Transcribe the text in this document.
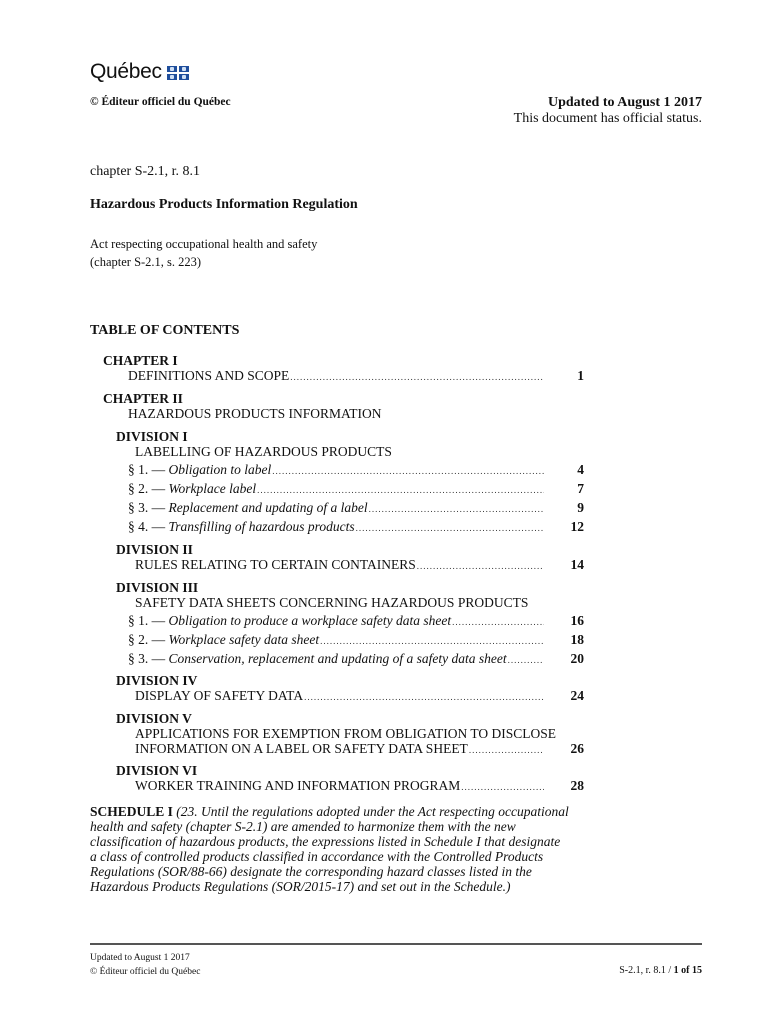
Québec
© Éditeur officiel du Québec	Updated to August 1 2017
This document has official status.
chapter S-2.1, r. 8.1
Hazardous Products Information Regulation
Act respecting occupational health and safety
(chapter S-2.1, s. 223)
TABLE OF CONTENTS
CHAPTER I
DEFINITIONS AND SCOPE .....	1
CHAPTER II
HAZARDOUS PRODUCTS INFORMATION
DIVISION I
LABELLING OF HAZARDOUS PRODUCTS
§ 1. — Obligation to label .....	4
§ 2. — Workplace label .....	7
§ 3. — Replacement and updating of a label .....	9
§ 4. — Transfilling of hazardous products .....	12
DIVISION II
RULES RELATING TO CERTAIN CONTAINERS .....	14
DIVISION III
SAFETY DATA SHEETS CONCERNING HAZARDOUS PRODUCTS
§ 1. — Obligation to produce a workplace safety data sheet .....	16
§ 2. — Workplace safety data sheet .....	18
§ 3. — Conservation, replacement and updating of a safety data sheet .....	20
DIVISION IV
DISPLAY OF SAFETY DATA .....	24
DIVISION V
APPLICATIONS FOR EXEMPTION FROM OBLIGATION TO DISCLOSE
INFORMATION ON A LABEL OR SAFETY DATA SHEET .....	26
DIVISION VI
WORKER TRAINING AND INFORMATION PROGRAM .....	28
SCHEDULE I (23. Until the regulations adopted under the Act respecting occupational health and safety (chapter S-2.1) are amended to harmonize them with the new classification of hazardous products, the expressions listed in Schedule I that designate a class of controlled products classified in accordance with the Controlled Products Regulations (SOR/88-66) designate the corresponding hazard classes listed in the Hazardous Products Regulations (SOR/2015-17) and set out in the Schedule.)
Updated to August 1 2017
© Éditeur officiel du Québec	S-2.1, r. 8.1 / 1 of 15
